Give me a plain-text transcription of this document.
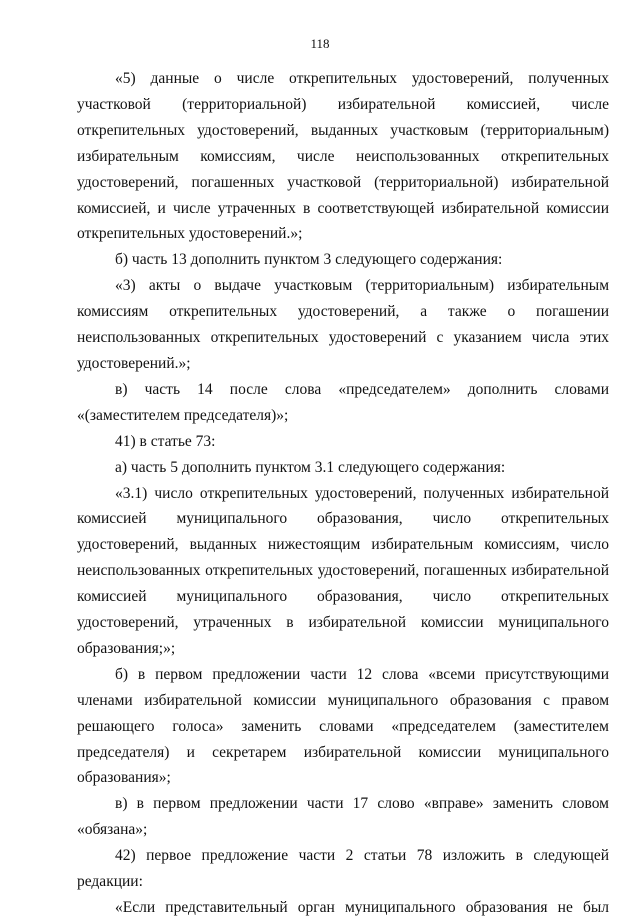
118

«5) данные о числе открепительных удостоверений, полученных участковой (территориальной) избирательной комиссией, числе открепительных удостоверений, выданных участковым (территориальным) избирательным комиссиям, числе неиспользованных открепительных удостоверений, погашенных участковой (территориальной) избирательной комиссией, и числе утраченных в соответствующей избирательной комиссии открепительных удостоверений.»;

б) часть 13 дополнить пунктом 3 следующего содержания:

«3) акты о выдаче участковым (территориальным) избирательным комиссиям открепительных удостоверений, а также о погашении неиспользованных открепительных удостоверений с указанием числа этих удостоверений.»;

в) часть 14 после слова «председателем» дополнить словами «(заместителем председателя)»;

41) в статье 73:

а) часть 5 дополнить пунктом 3.1 следующего содержания:

«3.1) число открепительных удостоверений, полученных избирательной комиссией муниципального образования, число открепительных удостоверений, выданных нижестоящим избирательным комиссиям, число неиспользованных открепительных удостоверений, погашенных избирательной комиссией муниципального образования, число открепительных удостоверений, утраченных в избирательной комиссии муниципального образования;»;

б) в первом предложении части 12 слова «всеми присутствующими членами избирательной комиссии муниципального образования с правом решающего голоса» заменить словами «председателем (заместителем председателя) и секретарем избирательной комиссии муниципального образования»;

в) в первом предложении части 17 слово «вправе» заменить словом «обязана»;

42) первое предложение части 2 статьи 78 изложить в следующей редакции:

«Если представительный орган муниципального образования не был
